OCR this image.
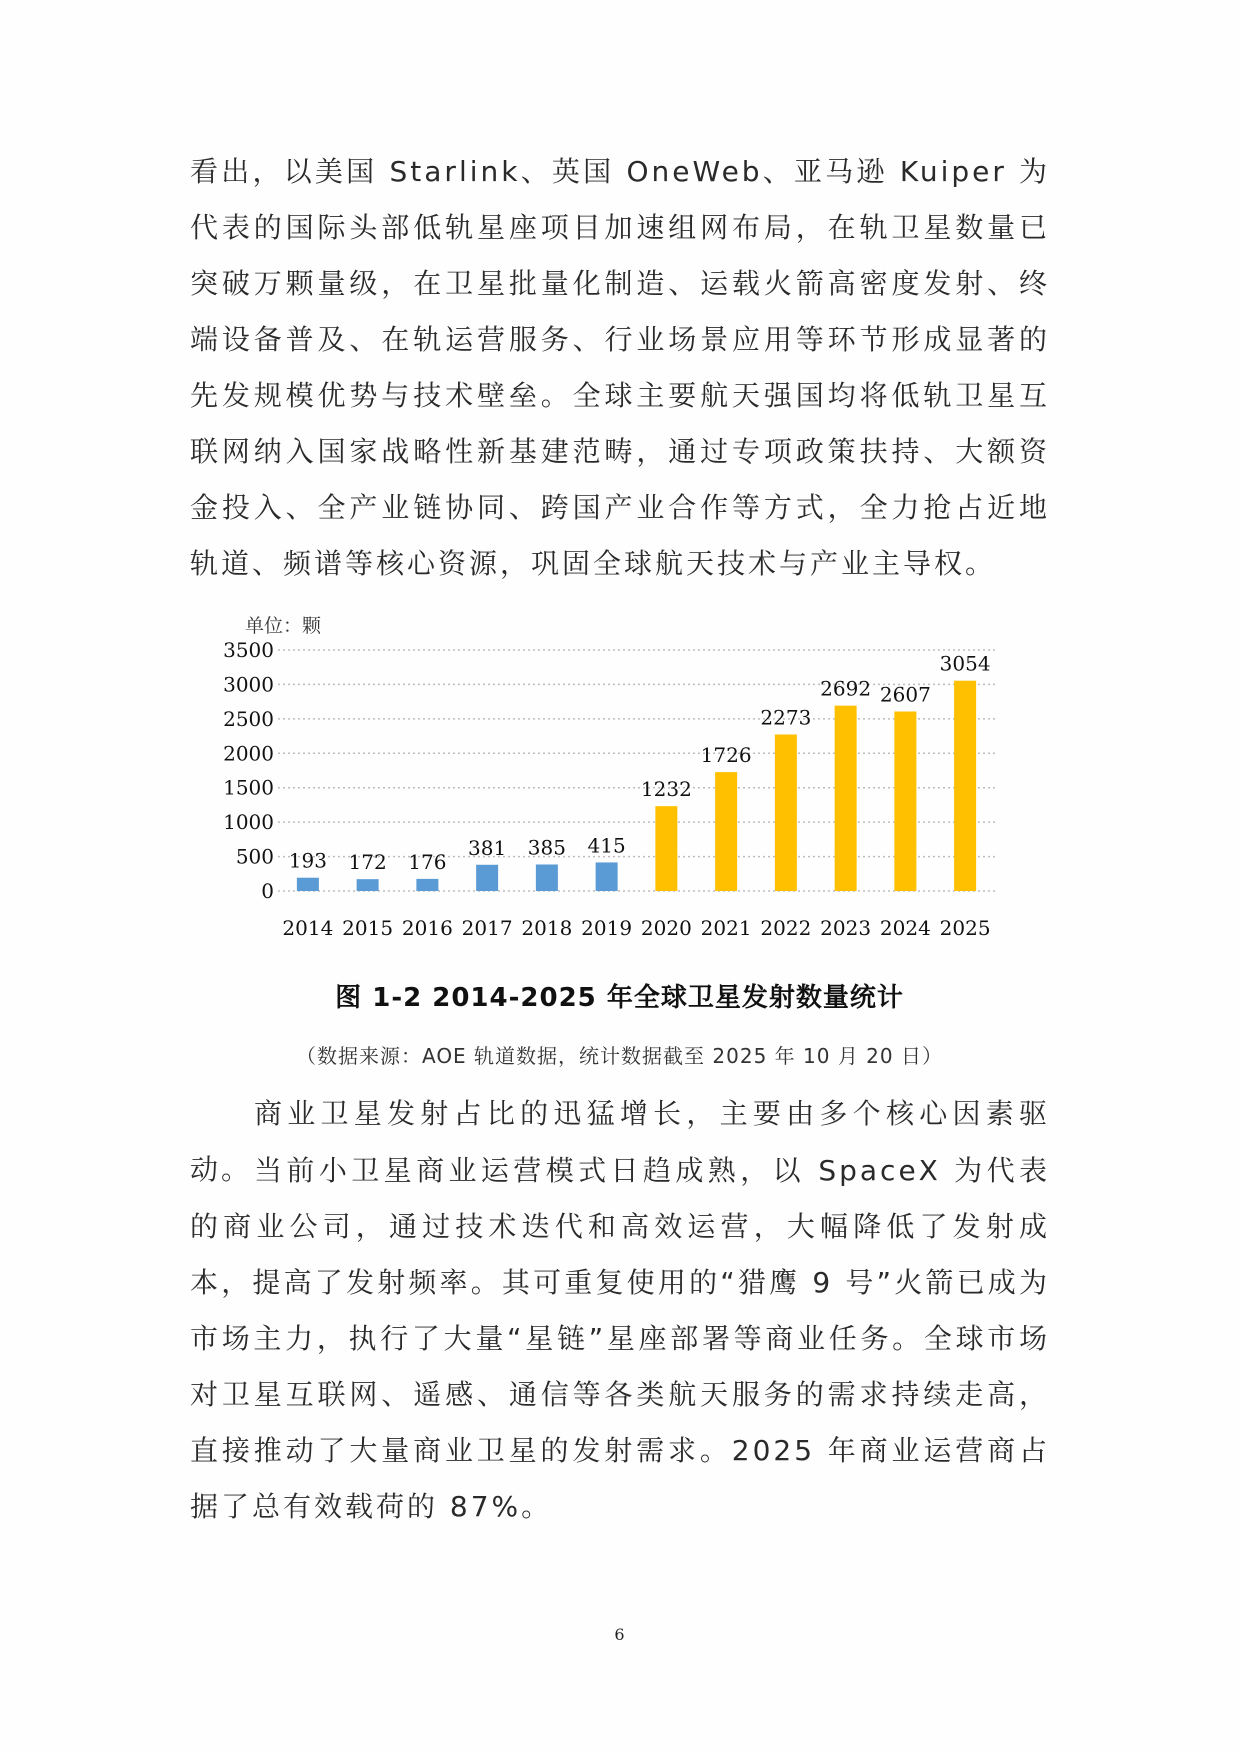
看出，以美国 Starlink、英国 OneWeb、亚马逊 Kuiper 为代表的国际头部低轨星座项目加速组网布局，在轨卫星数量已突破万颗量级，在卫星批量化制造、运载火箭高密度发射、终端设备普及、在轨运营服务、行业场景应用等环节形成显著的先发规模优势与技术壁垒。全球主要航天强国均将低轨卫星互联网纳入国家战略性新基建范畴，通过专项政策扶持、大额资金投入、全产业链协同、跨国产业合作等方式，全力抢占近地轨道、频谱等核心资源，巩固全球航天技术与产业主导权。

单位：颗
0
500
1000
1500
2000
2500
3000
3500
193
2014
172
2015
176
2016
381
2017
385
2018
415
2019
1232
2020
1726
2021
2273
2022
2692
2023
2607
2024
3054
2025
图 1-2 2014-2025 年全球卫星发射数量统计
（数据来源：AOE 轨道数据，统计数据截至 2025 年 10 月 20 日）

商业卫星发射占比的迅猛增长，主要由多个核心因素驱动。 当前小卫星商业运营模式日趋成熟，以 SpaceX 为代表的商业公司，通过技术迭代和高效运营，大幅降低了发射成本，提高了发射频率。其可重复使用的“猎鹰 9 号”火箭已成为市场主力，执行了大量“星链”星座部署等商业任务。全球市场对卫星互联网、遥感、通信等各类航天服务的需求持续走高，直接推动了大量商业卫星的发射需求。2025 年商业运营商占据了总有效载荷的 87%。

6
